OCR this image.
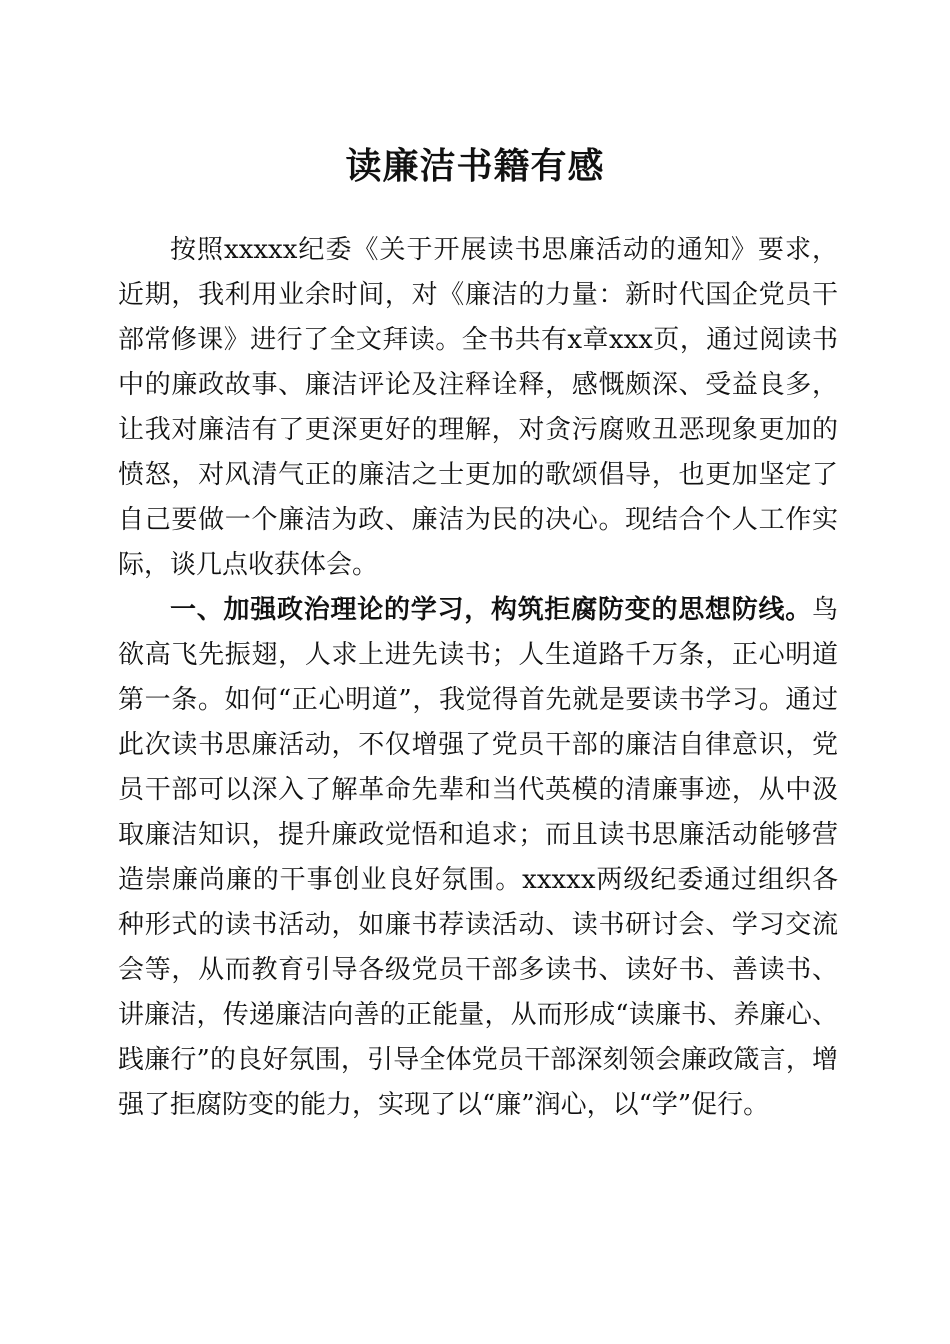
读廉洁书籍有感

按照xxxxx纪委《关于开展读书思廉活动的通知》要求，近期，我利用业余时间，对《廉洁的力量：新时代国企党员干部常修课》进行了全文拜读。全书共有x章xxx页，通过阅读书中的廉政故事、廉洁评论及注释诠释，感慨颇深、受益良多，让我对廉洁有了更深更好的理解，对贪污腐败丑恶现象更加的愤怒，对风清气正的廉洁之士更加的歌颂倡导，也更加坚定了自己要做一个廉洁为政、廉洁为民的决心。现结合个人工作实际，谈几点收获体会。

一、加强政治理论的学习，构筑拒腐防变的思想防线。鸟欲高飞先振翅，人求上进先读书；人生道路千万条，正心明道第一条。如何“正心明道”，我觉得首先就是要读书学习。通过此次读书思廉活动，不仅增强了党员干部的廉洁自律意识，党员干部可以深入了解革命先辈和当代英模的清廉事迹，从中汲取廉洁知识，提升廉政觉悟和追求；而且读书思廉活动能够营造崇廉尚廉的干事创业良好氛围。xxxxx两级纪委通过组织各种形式的读书活动，如廉书荐读活动、读书研讨会、学习交流会等，从而教育引导各级党员干部多读书、读好书、善读书、讲廉洁，传递廉洁向善的正能量，从而形成“读廉书、养廉心、践廉行”的良好氛围，引导全体党员干部深刻领会廉政箴言，增强了拒腐防变的能力，实现了以“廉”润心，以“学”促行。
